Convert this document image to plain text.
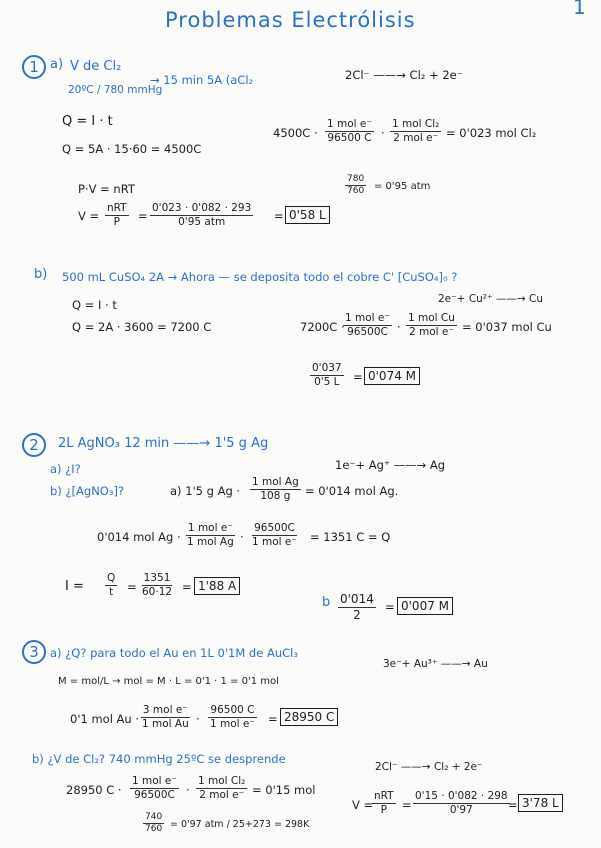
Problemas Electrólisis
1
1 a) V de Cl₂
20ºC / 780 mmHg
→ 15 min 5A (aCl₂	2Cl⁻ ——→ Cl₂ + 2e⁻
Q = I · t
Q = 5A · 15·60 = 4500C
4500C ·
1 mol e⁻
96500 C ·
1 mol Cl₂
2 mol e⁻ = 0'023 mol Cl₂
$\frac{780}{760} = 0'95$ atm
P·V = nRT
V =
nRT
P =
0'023 · 0'082 · 293
0'95 atm	= 0'58 L
b) 500 mL CuSO₄ 2A → Ahora — se deposita todo el cobre C' [CuSO₄]₀ ?
2e⁻+ Cu²⁺ ——→ Cu
Q = I · t
Q = 2A · 3600 = 7200 C	7200C ·
1 mol e⁻
96500C ·
1 mol Cu
2 mol e⁻ = 0'037 mol Cu
$\frac{0'037}{0'5 L} = 0'074$ M
2	2L AgNO₃ 12 min ——→ 1'5 g Ag
a) ¿I?
b) ¿[AgNO₃]?
1e⁻+ Ag⁺ ——→ Ag
a) 1'5 g Ag ·
1 mol Ag
108 g = 0'014 mol Ag.
0'014 mol Ag ·
1 mol e⁻
1 mol Ag ·
96500C
1 mol e⁻ = 1351 C = Q
$I = \frac{Q}{t} = \frac{1351}{60\cdot 12} = 1'88$ A
b $\frac{0'014}{2} = 0'007$ M
3 a) ¿Q? para todo el Au en 1L 0'1M de AuCl₃
3e⁻+ Au³⁺ ——→ Au
M = mol/L → mol = M · L = 0'1 · 1 = 0'1 mol
0'1 mol Au ·
3 mol e⁻
1 mol Au ·
96500 C
1 mol e⁻ = 28950 C
b) ¿V de Cl₂? 740 mmHg 25ºC se desprende
2Cl⁻ ——→ Cl₂ + 2e⁻
28950 C ·
1 mol e⁻
96500C ·
1 mol Cl₂
2 mol e⁻ = 0'15 mol
V =
nRT
$P = \frac{0'15 \cdot 0'082 \cdot 298}{0'97}$
= 3'78 L
$\frac{740}{760} = 0'97$ atm / 25+273 = 298K
